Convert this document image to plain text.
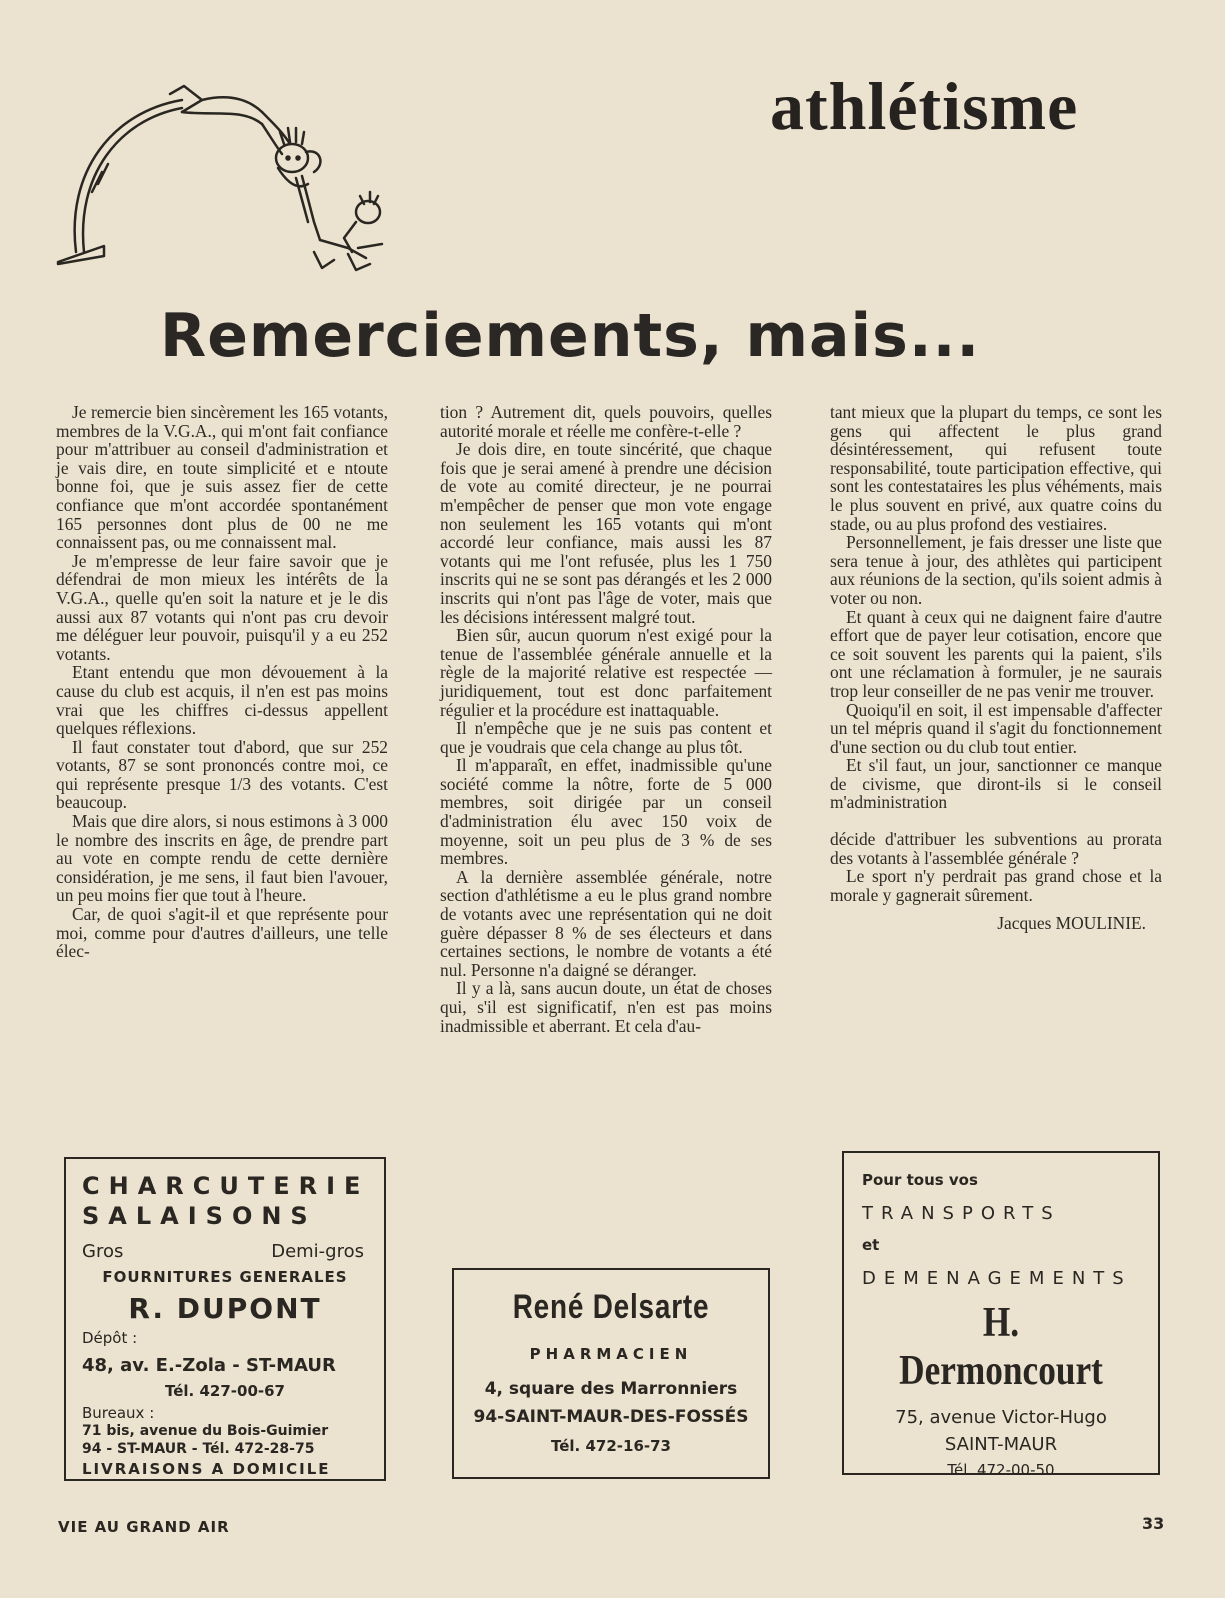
athlétisme
Remerciements, mais...

Je remercie bien sincèrement les 165 votants, membres de la V.G.A., qui m'ont fait confiance pour m'attribuer au conseil d'administration et je vais dire, en toute simplicité et e ntoute bonne foi, que je suis assez fier de cette confiance que m'ont accordée spontanément 165 personnes dont plus de 00 ne me connaissent pas, ou me connaissent mal.

Je m'empresse de leur faire savoir que je défendrai de mon mieux les intérêts de la V.G.A., quelle qu'en soit la nature et je le dis aussi aux 87 votants qui n'ont pas cru devoir me déléguer leur pouvoir, puisqu'il y a eu 252 votants.

Etant entendu que mon dévouement à la cause du club est acquis, il n'en est pas moins vrai que les chiffres ci-dessus appellent quelques réflexions.

Il faut constater tout d'abord, que sur 252 votants, 87 se sont prononcés contre moi, ce qui représente presque 1/3 des votants. C'est beaucoup.

Mais que dire alors, si nous estimons à 3 000 le nombre des inscrits en âge, de prendre part au vote en compte rendu de cette dernière considération, je me sens, il faut bien l'avouer, un peu moins fier que tout à l'heure.

Car, de quoi s'agit-il et que représente pour moi, comme pour d'autres d'ailleurs, une telle élec-

tion ? Autrement dit, quels pouvoirs, quelles autorité morale et réelle me confère-t-elle ?

Je dois dire, en toute sincérité, que chaque fois que je serai amené à prendre une décision de vote au comité directeur, je ne pourrai m'empêcher de penser que mon vote engage non seulement les 165 votants qui m'ont accordé leur confiance, mais aussi les 87 votants qui me l'ont refusée, plus les 1 750 inscrits qui ne se sont pas dérangés et les 2 000 inscrits qui n'ont pas l'âge de voter, mais que les décisions intéressent malgré tout.

Bien sûr, aucun quorum n'est exigé pour la tenue de l'assemblée générale annuelle et la règle de la majorité relative est respectée — juridiquement, tout est donc parfaitement régulier et la procédure est inattaquable.

Il n'empêche que je ne suis pas content et que je voudrais que cela change au plus tôt.

Il m'apparaît, en effet, inadmissible qu'une société comme la nôtre, forte de 5 000 membres, soit dirigée par un conseil d'administration élu avec 150 voix de moyenne, soit un peu plus de 3 % de ses membres.

A la dernière assemblée générale, notre section d'athlétisme a eu le plus grand nombre de votants avec une représentation qui ne doit guère dépasser 8 % de ses électeurs et dans certaines sections, le nombre de votants a été nul. Personne n'a daigné se déranger.

Il y a là, sans aucun doute, un état de choses qui, s'il est significatif, n'en est pas moins inadmissible et aberrant. Et cela d'au-

tant mieux que la plupart du temps, ce sont les gens qui affectent le plus grand désintéressement, qui refusent toute responsabilité, toute participation effective, qui sont les contestataires les plus véhéments, mais le plus souvent en privé, aux quatre coins du stade, ou au plus profond des vestiaires.

Personnellement, je fais dresser une liste que sera tenue à jour, des athlètes qui participent aux réunions de la section, qu'ils soient admis à voter ou non.

Et quant à ceux qui ne daignent faire d'autre effort que de payer leur cotisation, encore que ce soit souvent les parents qui la paient, s'ils ont une réclamation à formuler, je ne saurais trop leur conseiller de ne pas venir me trouver.

Quoiqu'il en soit, il est impensable d'affecter un tel mépris quand il s'agit du fonctionnement d'une section ou du club tout entier.

Et s'il faut, un jour, sanctionner ce manque de civisme, que diront-ils si le conseil m'administration

décide d'attribuer les subventions au prorata des votants à l'assemblée générale ?

Le sport n'y perdrait pas grand chose et la morale y gagnerait sûrement.

Jacques MOULINIE.

CHARCUTERIE
SALAISONS
Gros	Demi-gros
FOURNITURES GENERALES
R. DUPONT
Dépôt :
48, av. E.-Zola - ST-MAUR
Tél. 427-00-67
Bureaux :
71 bis, avenue du Bois-Guimier
94 - ST-MAUR - Tél. 472-28-75
LIVRAISONS A DOMICILE
René Delsarte
PHARMACIEN
4, square des Marronniers
94-SAINT-MAUR-DES-FOSSÉS
Tél. 472-16-73
Pour tous vos
TRANSPORTS
et
DEMENAGEMENTS
H. Dermoncourt
75, avenue Victor-Hugo
SAINT-MAUR
Tél. 472-00-50
VIE AU GRAND AIR	33
